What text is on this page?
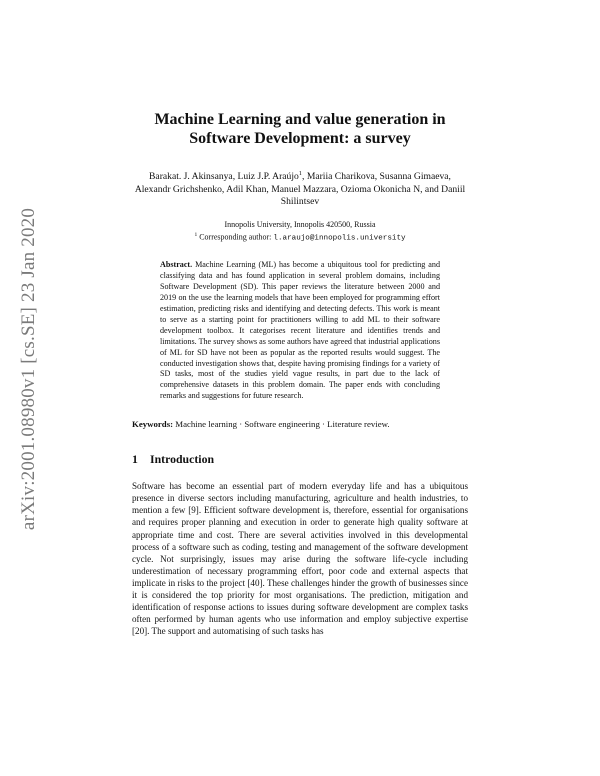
arXiv:2001.08980v1 [cs.SE] 23 Jan 2020
Machine Learning and value generation in
Software Development: a survey
Barakat. J. Akinsanya, Luiz J.P. Araújo$^1$, Mariia Charikova, Susanna Gimaeva, Alexandr Grichshenko, Adil Khan, Manuel Mazzara, Ozioma Okonicha N, and Daniil Shilintsev
Innopolis University, Innopolis 420500, Russia
$^1$ Corresponding author: l.araujo@innopolis.university
Abstract. Machine Learning (ML) has become a ubiquitous tool for predicting and classifying data and has found application in several problem domains, including Software Development (SD). This paper reviews the literature between 2000 and 2019 on the use the learning models that have been employed for programming effort estimation, predicting risks and identifying and detecting defects. This work is meant to serve as a starting point for practitioners willing to add ML to their software development toolbox. It categorises recent literature and identifies trends and limitations. The survey shows as some authors have agreed that industrial applications of ML for SD have not been as popular as the reported results would suggest. The conducted investigation shows that, despite having promising findings for a variety of SD tasks, most of the studies yield vague results, in part due to the lack of comprehensive datasets in this problem domain. The paper ends with concluding remarks and suggestions for future research.
Keywords: Machine learning · Software engineering · Literature review.
1 Introduction
Software has become an essential part of modern everyday life and has a ubiquitous presence in diverse sectors including manufacturing, agriculture and health industries, to mention a few [9]. Efficient software development is, therefore, essential for organisations and requires proper planning and execution in order to generate high quality software at appropriate time and cost. There are several activities involved in this developmental process of a software such as coding, testing and management of the software development cycle. Not surprisingly, issues may arise during the software life-cycle including underestimation of necessary programming effort, poor code and external aspects that implicate in risks to the project [40]. These challenges hinder the growth of businesses since it is considered the top priority for most organisations. The prediction, mitigation and identification of response actions to issues during software development are complex tasks often performed by human agents who use information and employ subjective expertise [20]. The support and automatising of such tasks has
